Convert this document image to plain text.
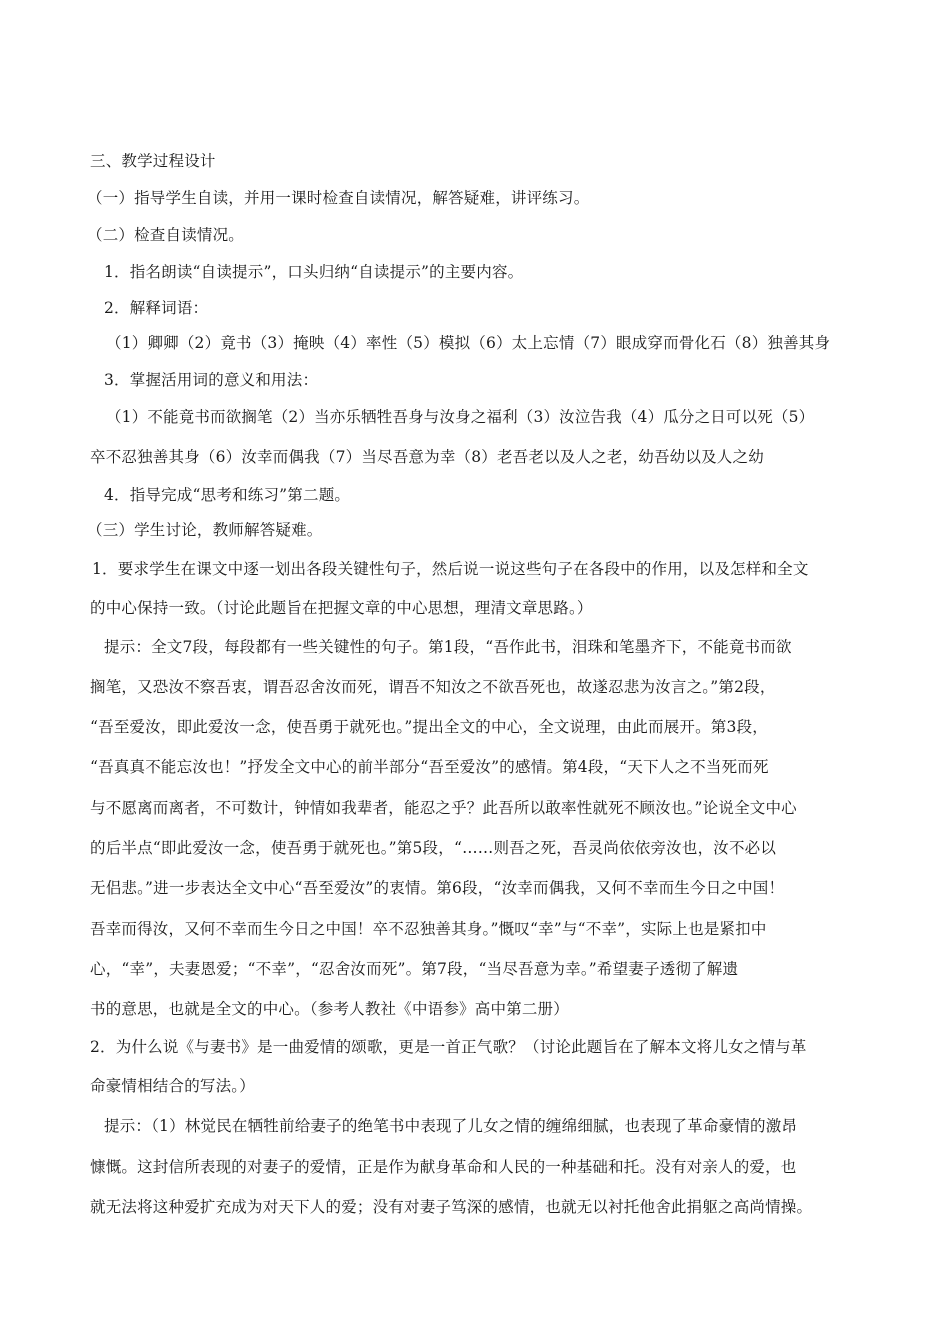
三、教学过程设计
（一）指导学生自读，并用一课时检查自读情况，解答疑难，讲评练习。
（二）检查自读情况。
1．指名朗读“自读提示”，口头归纳“自读提示”的主要内容。
2．解释词语：
（1）卿卿（2）竟书（3）掩映（4）率性（5）模拟（6）太上忘情（7）眼成穿而骨化石（8）独善其身
3．掌握活用词的意义和用法：
（1）不能竟书而欲搁笔（2）当亦乐牺牲吾身与汝身之福利（3）汝泣告我（4）瓜分之日可以死（5）
卒不忍独善其身（6）汝幸而偶我（7）当尽吾意为幸（8）老吾老以及人之老，幼吾幼以及人之幼
4．指导完成“思考和练习”第二题。
（三）学生讨论，教师解答疑难。
1．要求学生在课文中逐一划出各段关键性句子，然后说一说这些句子在各段中的作用，以及怎样和全文
的中心保持一致。（讨论此题旨在把握文章的中心思想，理清文章思路。）
提示：全文7段，每段都有一些关键性的句子。第1段，“吾作此书，泪珠和笔墨齐下，不能竟书而欲
搁笔，又恐汝不察吾衷，谓吾忍舍汝而死，谓吾不知汝之不欲吾死也，故遂忍悲为汝言之。”第2段，
“吾至爱汝，即此爱汝一念，使吾勇于就死也。”提出全文的中心，全文说理，由此而展开。第3段，
“吾真真不能忘汝也！”抒发全文中心的前半部分“吾至爱汝”的感情。第4段，“天下人之不当死而死
与不愿离而离者，不可数计，钟情如我辈者，能忍之乎？此吾所以敢率性就死不顾汝也。”论说全文中心
的后半点“即此爱汝一念，使吾勇于就死也。”第5段，“……则吾之死，吾灵尚依依旁汝也，汝不必以
无侣悲。”进一步表达全文中心“吾至爱汝”的衷情。第6段，“汝幸而偶我，又何不幸而生今日之中国！
吾幸而得汝，又何不幸而生今日之中国！卒不忍独善其身。”慨叹“幸”与“不幸”，实际上也是紧扣中
心，“幸”，夫妻恩爱；“不幸”，“忍舍汝而死”。第7段，“当尽吾意为幸。”希望妻子透彻了解遗
书的意思，也就是全文的中心。（参考人教社《中语参》高中第二册）
2．为什么说《与妻书》是一曲爱情的颂歌，更是一首正气歌？（讨论此题旨在了解本文将儿女之情与革
命豪情相结合的写法。）
提示：（1）林觉民在牺牲前给妻子的绝笔书中表现了儿女之情的缠绵细腻，也表现了革命豪情的激昂
慷慨。这封信所表现的对妻子的爱情，正是作为献身革命和人民的一种基础和托。没有对亲人的爱，也
就无法将这种爱扩充成为对天下人的爱；没有对妻子笃深的感情，也就无以衬托他舍此捐躯之高尚情操。
